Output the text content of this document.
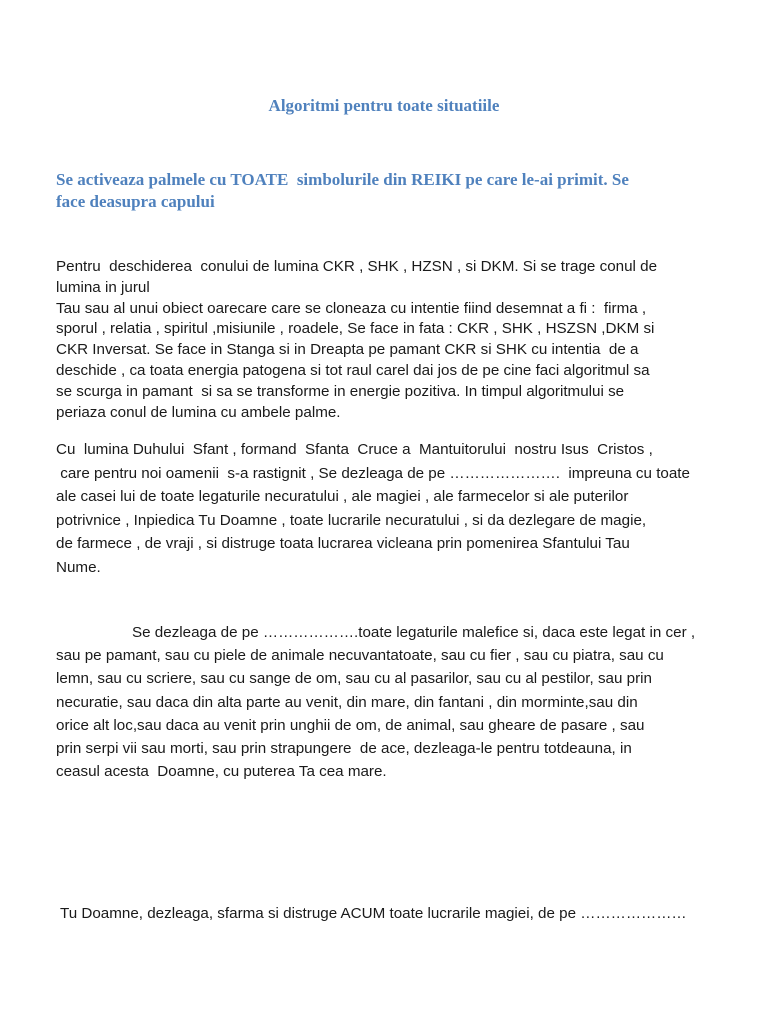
Algoritmi pentru toate situatiile
Se activeaza palmele cu TOATE  simbolurile din REIKI pe care le-ai primit. Se
face deasupra capului
Pentru  deschiderea  conului de lumina CKR , SHK , HZSN , si DKM. Si se trage conul de
lumina in jurul
Tau sau al unui obiect oarecare care se cloneaza cu intentie fiind desemnat a fi :  firma ,
sporul , relatia , spiritul ,misiunile , roadele, Se face in fata : CKR , SHK , HSZSN ,DKM si
CKR Inversat. Se face in Stanga si in Dreapta pe pamant CKR si SHK cu intentia  de a
deschide , ca toata energia patogena si tot raul carel dai jos de pe cine faci algoritmul sa
se scurga in pamant  si sa se transforme in energie pozitiva. In timpul algoritmului se
periaza conul de lumina cu ambele palme.
Cu  lumina Duhului  Sfant , formand  Sfanta  Cruce a  Mantuitorului  nostru Isus  Cristos ,
care pentru noi oamenii  s-a rastignit , Se dezleaga de pe ………………….  impreuna cu toate
ale casei lui de toate legaturile necuratului , ale magiei , ale farmecelor si ale puterilor
potrivnice , Inpiedica Tu Doamne , toate lucrarile necuratului , si da dezlegare de magie,
de farmece , de vraji , si distruge toata lucrarea vicleana prin pomenirea Sfantului Tau
Nume.
Se dezleaga de pe ……………….toate legaturile malefice si, daca este legat in cer ,
sau pe pamant, sau cu piele de animale necuvantatoate, sau cu fier , sau cu piatra, sau cu
lemn, sau cu scriere, sau cu sange de om, sau cu al pasarilor, sau cu al pestilor, sau prin
necuratie, sau daca din alta parte au venit, din mare, din fantani , din morminte,sau din
orice alt loc,sau daca au venit prin unghii de om, de animal, sau gheare de pasare , sau
prin serpi vii sau morti, sau prin strapungere  de ace, dezleaga-le pentru totdeauna, in
ceasul acesta  Doamne, cu puterea Ta cea mare.
Tu Doamne, dezleaga, sfarma si distruge ACUM toate lucrarile magiei, de pe …………………
